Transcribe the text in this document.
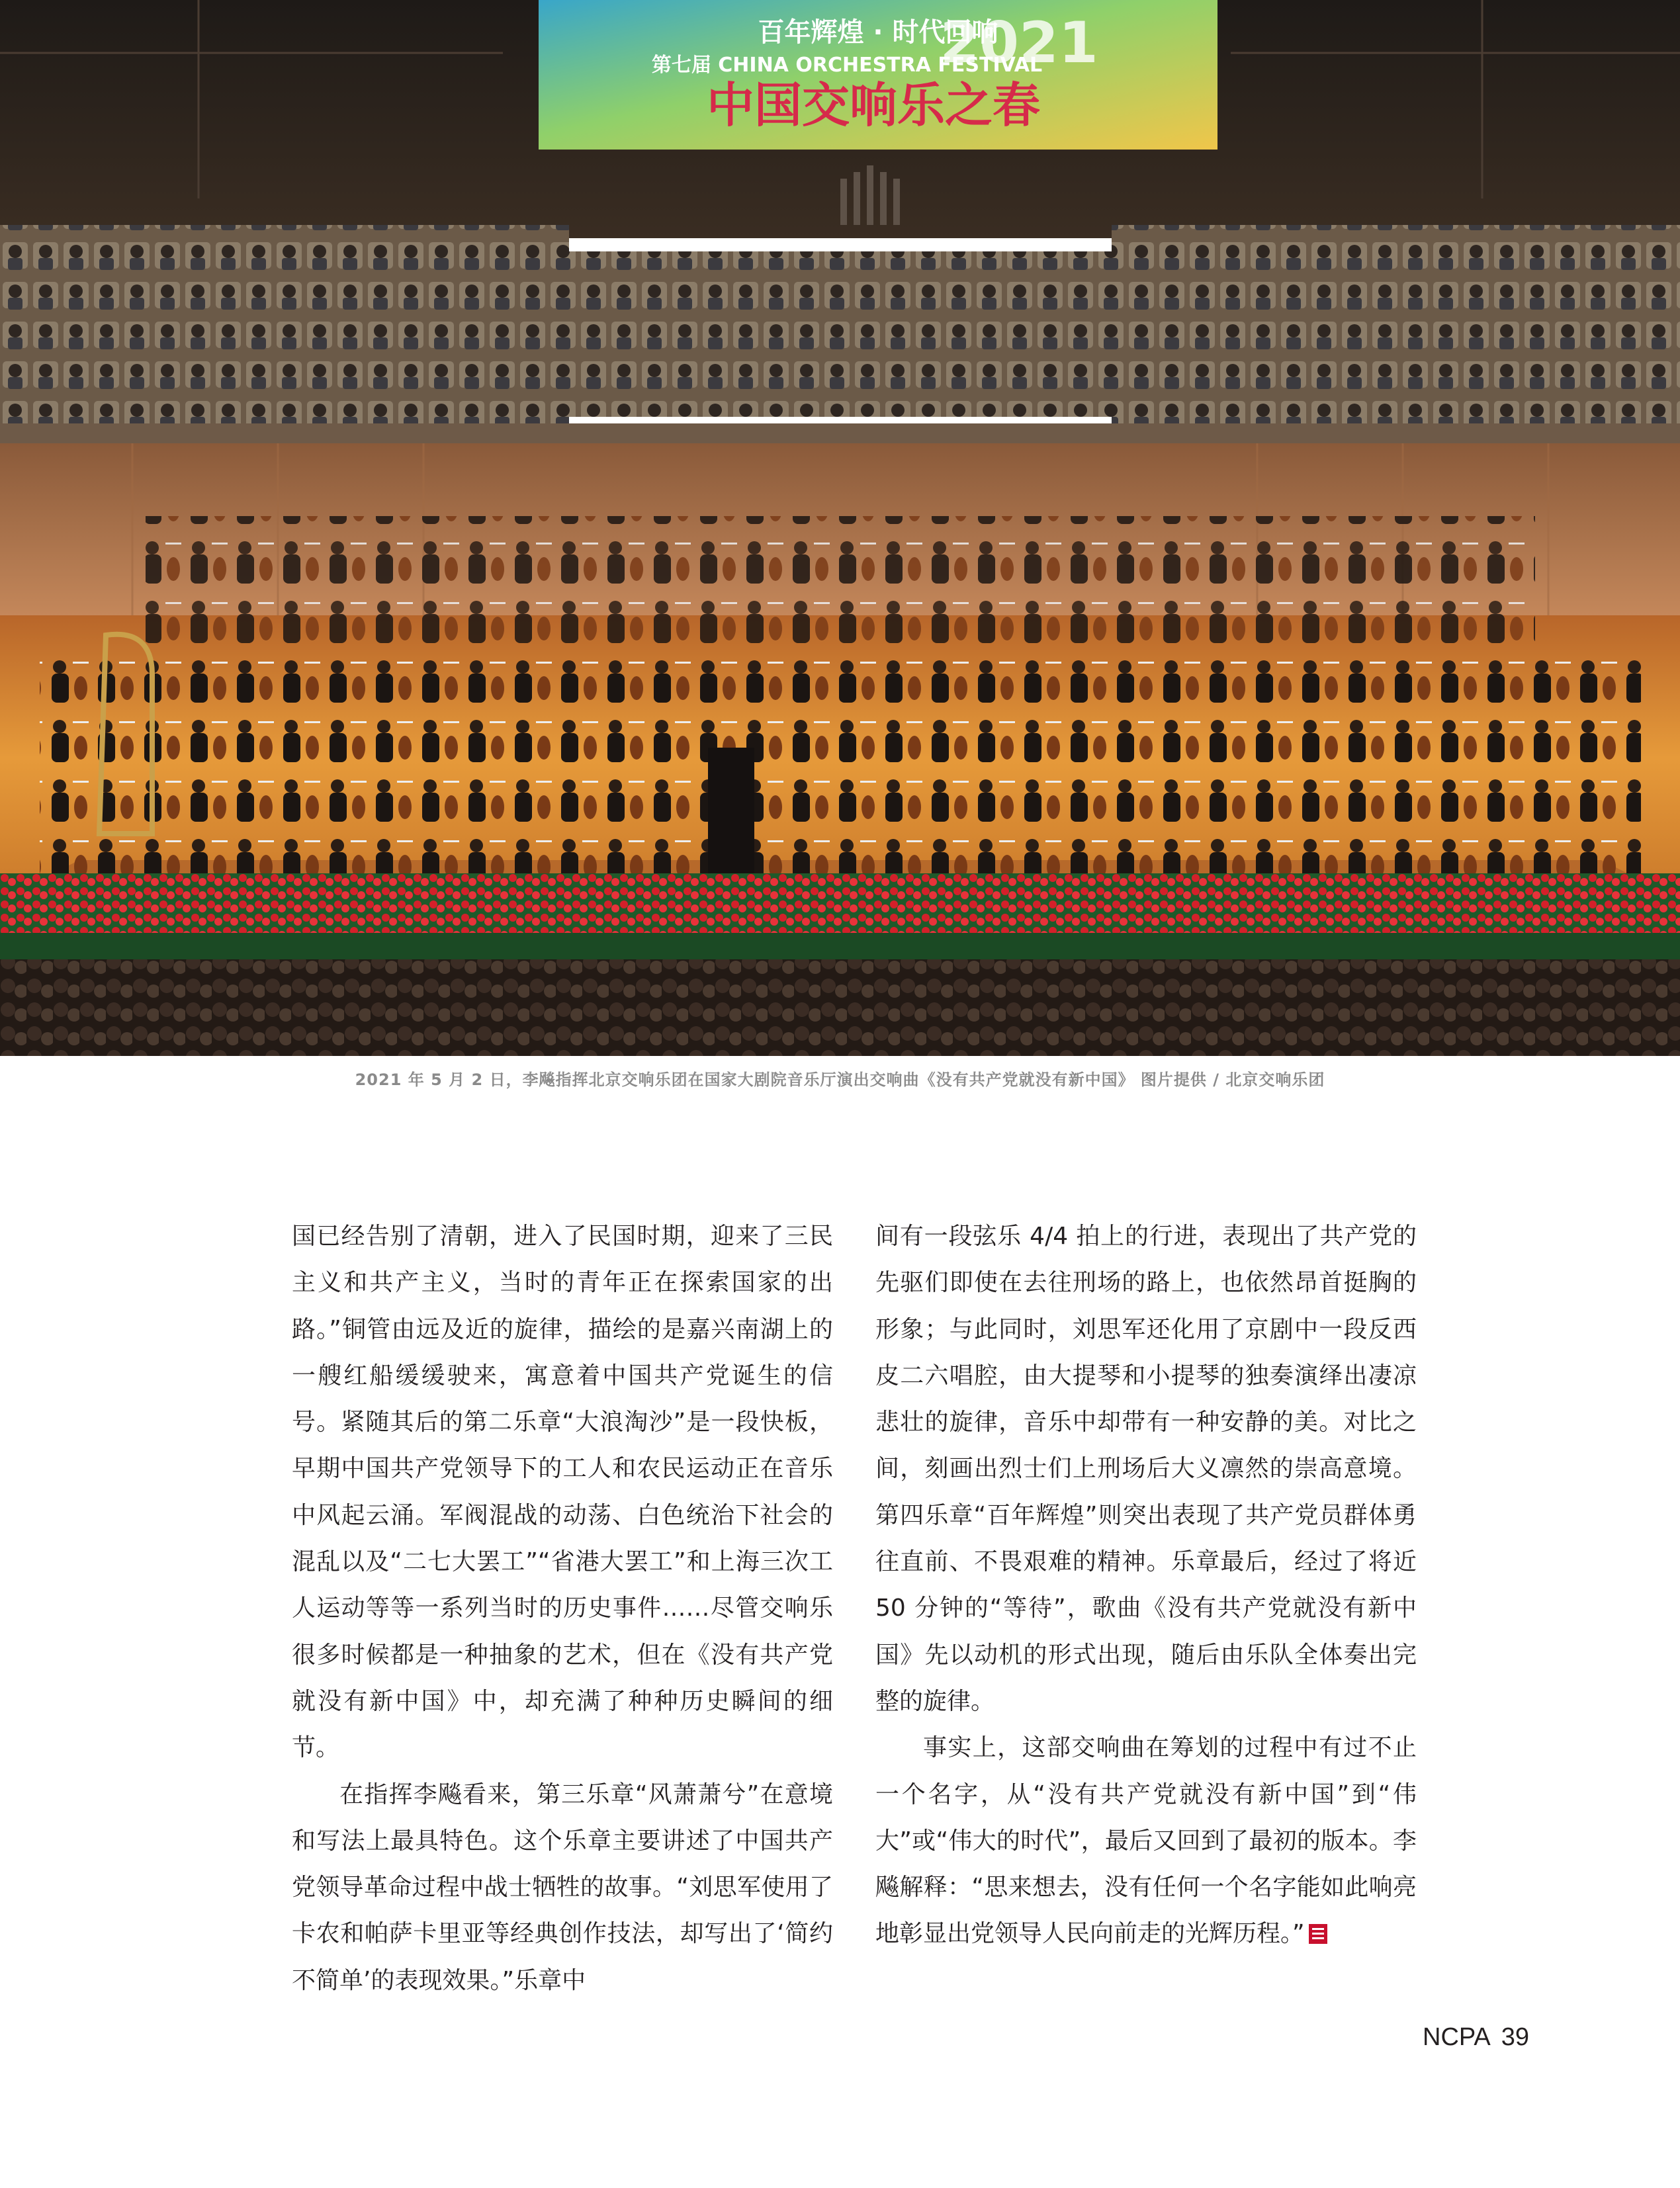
百年辉煌 · 时代回响
第七届 CHINA ORCHESTRA FESTIVAL
2021
中国交响乐之春
2021 年 5 月 2 日，李飚指挥北京交响乐团在国家大剧院音乐厅演出交响曲《没有共产党就没有新中国》 图片提供 / 北京交响乐团

国已经告别了清朝，进入了民国时期，迎来了三民主义和共产主义，当时的青年正在探索国家的出路。”铜管由远及近的旋律，描绘的是嘉兴南湖上的一艘红船缓缓驶来，寓意着中国共产党诞生的信号。紧随其后的第二乐章“大浪淘沙”是一段快板，早期中国共产党领导下的工人和农民运动正在音乐中风起云涌。军阀混战的动荡、白色统治下社会的混乱以及“二七大罢工”“省港大罢工”和上海三次工人运动等等一系列当时的历史事件……尽管交响乐很多时候都是一种抽象的艺术，但在《没有共产党就没有新中国》中，却充满了种种历史瞬间的细节。

在指挥李飚看来，第三乐章“风萧萧兮”在意境和写法上最具特色。这个乐章主要讲述了中国共产党领导革命过程中战士牺牲的故事。“刘思军使用了卡农和帕萨卡里亚等经典创作技法，却写出了‘简约不简单’的表现效果。”乐章中

间有一段弦乐 4/4 拍上的行进，表现出了共产党的先驱们即使在去往刑场的路上，也依然昂首挺胸的形象；与此同时，刘思军还化用了京剧中一段反西皮二六唱腔，由大提琴和小提琴的独奏演绎出凄凉悲壮的旋律，音乐中却带有一种安静的美。对比之间，刻画出烈士们上刑场后大义凛然的崇高意境。第四乐章“百年辉煌”则突出表现了共产党员群体勇往直前、不畏艰难的精神。乐章最后，经过了将近 50 分钟的“等待”，歌曲《没有共产党就没有新中国》先以动机的形式出现，随后由乐队全体奏出完整的旋律。

事实上，这部交响曲在筹划的过程中有过不止一个名字，从“没有共产党就没有新中国”到“伟大”或“伟大的时代”，最后又回到了最初的版本。李飚解释：“思来想去，没有任何一个名字能如此响亮地彰显出党领导人民向前走的光辉历程。”

NCPA 39
